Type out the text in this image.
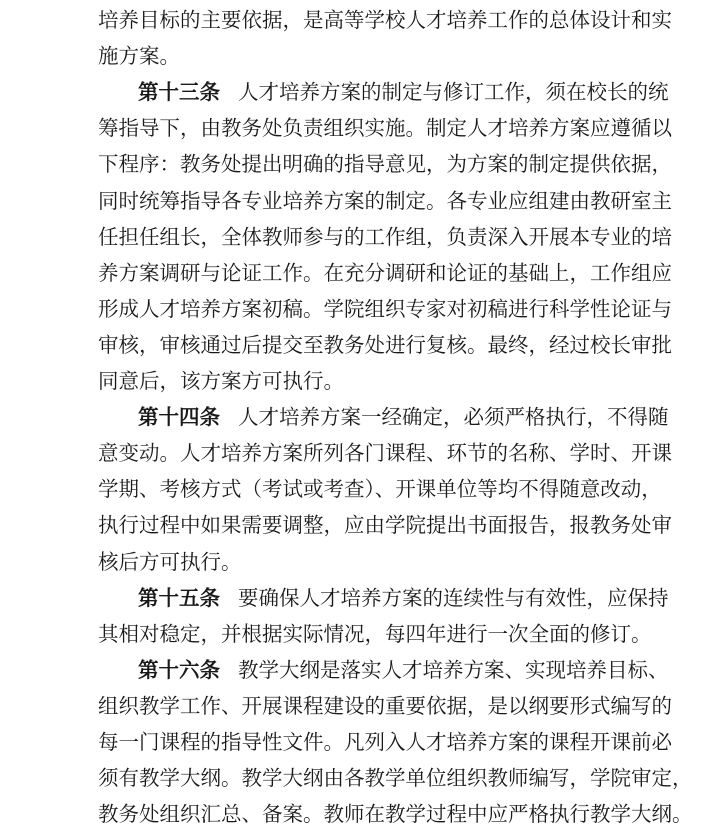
培养目标的主要依据，是高等学校人才培养工作的总体设计和实
施方案。
第十三条 人才培养方案的制定与修订工作，须在校长的统
筹指导下，由教务处负责组织实施。制定人才培养方案应遵循以
下程序：教务处提出明确的指导意见，为方案的制定提供依据，
同时统筹指导各专业培养方案的制定。各专业应组建由教研室主
任担任组长，全体教师参与的工作组，负责深入开展本专业的培
养方案调研与论证工作。在充分调研和论证的基础上，工作组应
形成人才培养方案初稿。学院组织专家对初稿进行科学性论证与
审核，审核通过后提交至教务处进行复核。最终，经过校长审批
同意后，该方案方可执行。
第十四条 人才培养方案一经确定，必须严格执行，不得随
意变动。人才培养方案所列各门课程、环节的名称、学时、开课
学期、考核方式（考试或考查）、开课单位等均不得随意改动，
执行过程中如果需要调整，应由学院提出书面报告，报教务处审
核后方可执行。
第十五条 要确保人才培养方案的连续性与有效性，应保持
其相对稳定，并根据实际情况，每四年进行一次全面的修订。
第十六条 教学大纲是落实人才培养方案、实现培养目标、
组织教学工作、开展课程建设的重要依据，是以纲要形式编写的
每一门课程的指导性文件。凡列入人才培养方案的课程开课前必
须有教学大纲。教学大纲由各教学单位组织教师编写，学院审定，
教务处组织汇总、备案。教师在教学过程中应严格执行教学大纲。
